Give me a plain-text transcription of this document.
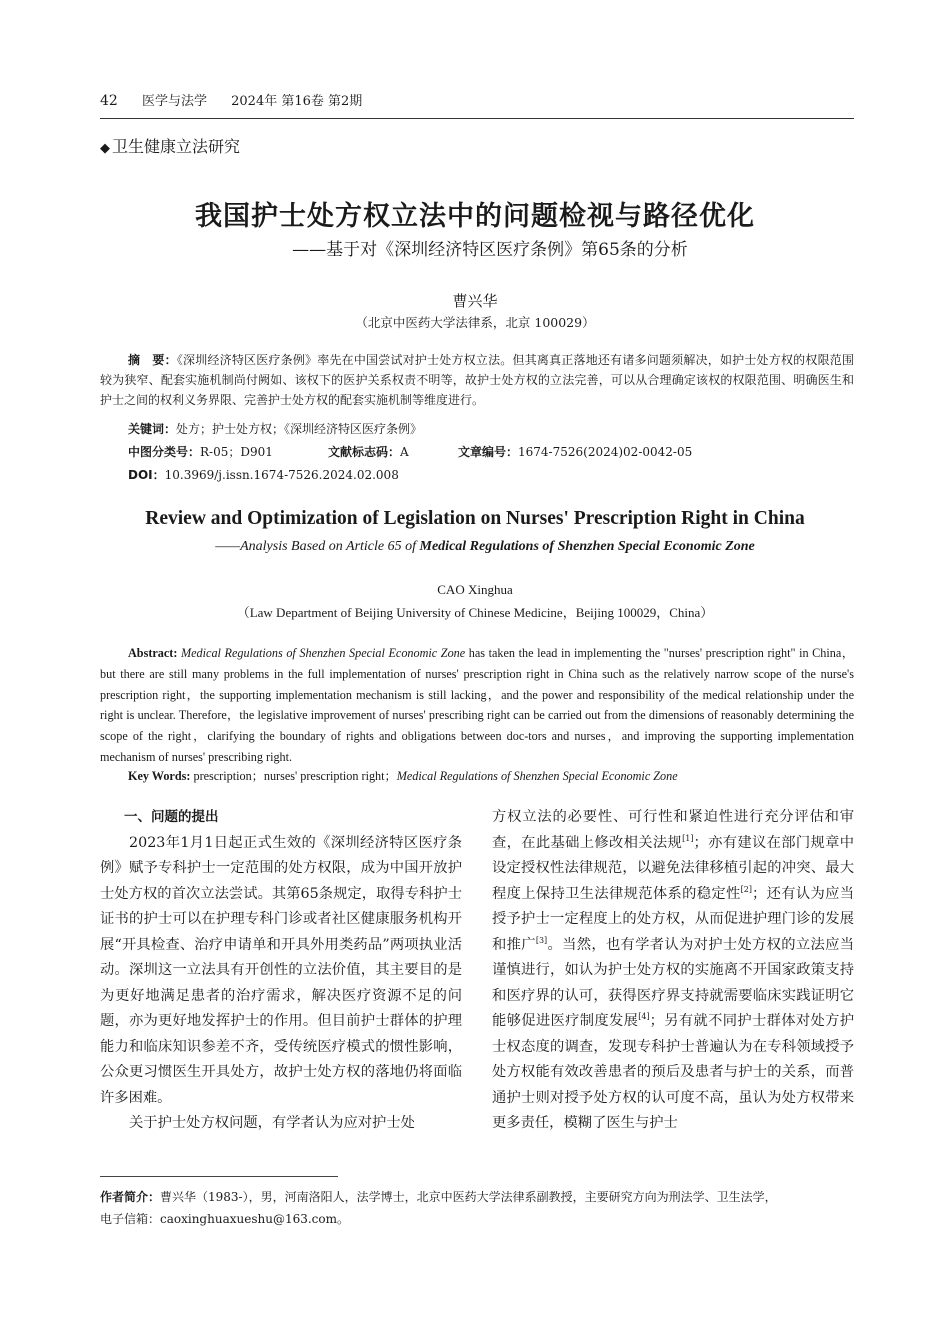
42 医学与法学 2024年 第16卷 第2期
◆ 卫生健康立法研究
我国护士处方权立法中的问题检视与路径优化
——基于对《深圳经济特区医疗条例》第65条的分析
曹兴华
（北京中医药大学法律系，北京 100029）
摘　要：《深圳经济特区医疗条例》率先在中国尝试对护士处方权立法。但其离真正落地还有诸多问题须解决，如护士处方权的权限范围较为狭窄、配套实施机制尚付阙如、该权下的医护关系权责不明等，故护士处方权的立法完善，可以从合理确定该权的权限范围、明确医生和护士之间的权利义务界限、完善护士处方权的配套实施机制等维度进行。
关键词：处方；护士处方权；《深圳经济特区医疗条例》
中图分类号：R-05；D901	文献标志码：A	文章编号：1674-7526(2024)02-0042-05
DOI：10.3969/j.issn.1674-7526.2024.02.008
Review and Optimization of Legislation on Nurses' Prescription Right in China
——Analysis Based on Article 65 of Medical Regulations of Shenzhen Special Economic Zone
CAO Xinghua
（Law Department of Beijing University of Chinese Medicine，Beijing 100029，China）
Abstract: Medical Regulations of Shenzhen Special Economic Zone has taken the lead in implementing the "nurses' prescription right" in China，but there are still many problems in the full implementation of nurses' prescription right in China such as the relatively narrow scope of the nurse's prescription right，the supporting implementation mechanism is still lacking，and the power and responsibility of the medical relationship under the right is unclear. Therefore，the legislative improvement of nurses' prescribing right can be carried out from the dimensions of reasonably determining the scope of the right，clarifying the boundary of rights and obligations between doc-tors and nurses，and improving the supporting implementation mechanism of nurses' prescribing right.
Key Words: prescription；nurses' prescription right；Medical Regulations of Shenzhen Special Economic Zone
一、问题的提出

2023年1月1日起正式生效的《深圳经济特区医疗条例》赋予专科护士一定范围的处方权限，成为中国开放护士处方权的首次立法尝试。其第65条规定，取得专科护士证书的护士可以在护理专科门诊或者社区健康服务机构开展“开具检查、治疗申请单和开具外用类药品”两项执业活动。深圳这一立法具有开创性的立法价值，其主要目的是为更好地满足患者的治疗需求，解决医疗资源不足的问题，亦为更好地发挥护士的作用。但目前护士群体的护理能力和临床知识参差不齐，受传统医疗模式的惯性影响，公众更习惯医生开具处方，故护士处方权的落地仍将面临许多困难。

关于护士处方权问题，有学者认为应对护士处

方权立法的必要性、可行性和紧迫性进行充分评估和审查，在此基础上修改相关法规[1]；亦有建议在部门规章中设定授权性法律规范，以避免法律移植引起的冲突、最大程度上保持卫生法律规范体系的稳定性[2]；还有认为应当授予护士一定程度上的处方权，从而促进护理门诊的发展和推广[3]。当然，也有学者认为对护士处方权的立法应当谨慎进行，如认为护士处方权的实施离不开国家政策支持和医疗界的认可，获得医疗界支持就需要临床实践证明它能够促进医疗制度发展[4]；另有就不同护士群体对处方护士权态度的调查，发现专科护士普遍认为在专科领域授予处方权能有效改善患者的预后及患者与护士的关系，而普通护士则对授予处方权的认可度不高，虽认为处方权带来更多责任，模糊了医生与护士

作者简介：曹兴华（1983-），男，河南洛阳人，法学博士，北京中医药大学法律系副教授，主要研究方向为刑法学、卫生法学，
电子信箱：caoxinghuaxueshu@163.com。
